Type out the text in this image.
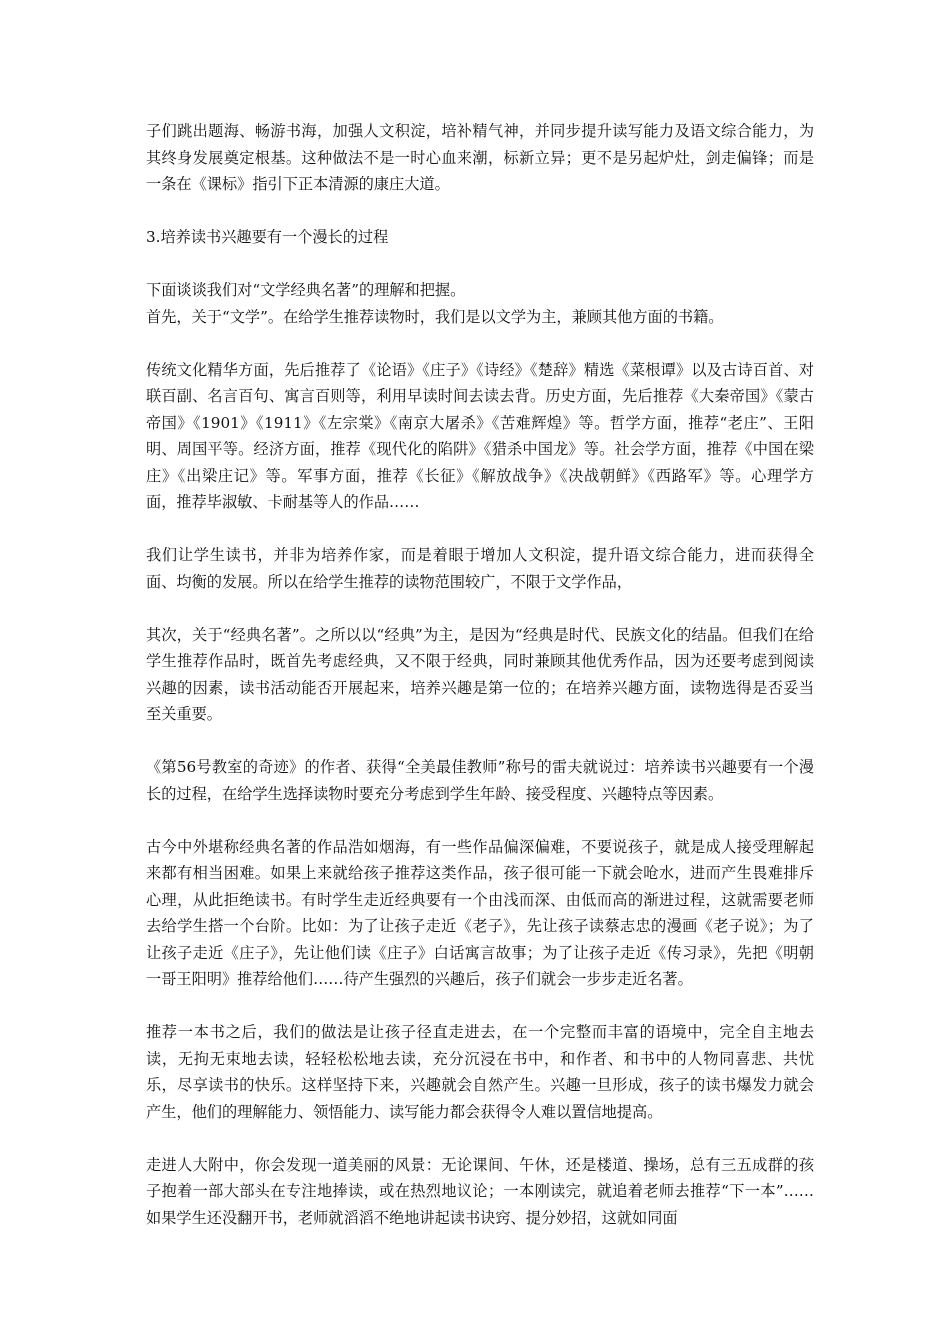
子们跳出题海、畅游书海，加强人文积淀，培补精气神，并同步提升读写能力及语文综合能力，为其终身发展奠定根基。这种做法不是一时心血来潮，标新立异；更不是另起炉灶，剑走偏锋；而是一条在《课标》指引下正本清源的康庄大道。

3.培养读书兴趣要有一个漫长的过程

下面谈谈我们对“文学经典名著”的理解和把握。

首先，关于“文学”。在给学生推荐读物时，我们是以文学为主，兼顾其他方面的书籍。

传统文化精华方面，先后推荐了《论语》《庄子》《诗经》《楚辞》精选《菜根谭》以及古诗百首、对联百副、名言百句、寓言百则等，利用早读时间去读去背。历史方面，先后推荐《大秦帝国》《蒙古帝国》《1901》《1911》《左宗棠》《南京大屠杀》《苦难辉煌》等。哲学方面，推荐“老庄”、王阳明、周国平等。经济方面，推荐《现代化的陷阱》《猎杀中国龙》等。社会学方面，推荐《中国在梁庄》《出梁庄记》等。军事方面，推荐《长征》《解放战争》《决战朝鲜》《西路军》等。心理学方面，推荐毕淑敏、卡耐基等人的作品……

我们让学生读书，并非为培养作家，而是着眼于增加人文积淀，提升语文综合能力，进而获得全面、均衡的发展。所以在给学生推荐的读物范围较广，不限于文学作品，

其次，关于“经典名著”。之所以以“经典”为主，是因为“经典是时代、民族文化的结晶。但我们在给学生推荐作品时，既首先考虑经典，又不限于经典，同时兼顾其他优秀作品，因为还要考虑到阅读兴趣的因素，读书活动能否开展起来，培养兴趣是第一位的；在培养兴趣方面，读物选得是否妥当至关重要。

《第56号教室的奇迹》的作者、获得“全美最佳教师”称号的雷夫就说过：培养读书兴趣要有一个漫长的过程，在给学生选择读物时要充分考虑到学生年龄、接受程度、兴趣特点等因素。

古今中外堪称经典名著的作品浩如烟海，有一些作品偏深偏难，不要说孩子，就是成人接受理解起来都有相当困难。如果上来就给孩子推荐这类作品，孩子很可能一下就会呛水，进而产生畏难排斥心理，从此拒绝读书。有时学生走近经典要有一个由浅而深、由低而高的渐进过程，这就需要老师去给学生搭一个台阶。比如：为了让孩子走近《老子》，先让孩子读蔡志忠的漫画《老子说》；为了让孩子走近《庄子》，先让他们读《庄子》白话寓言故事；为了让孩子走近《传习录》，先把《明朝一哥王阳明》推荐给他们……待产生强烈的兴趣后，孩子们就会一步步走近名著。

推荐一本书之后，我们的做法是让孩子径直走进去，在一个完整而丰富的语境中，完全自主地去读，无拘无束地去读，轻轻松松地去读，充分沉浸在书中，和作者、和书中的人物同喜悲、共忧乐，尽享读书的快乐。这样坚持下来，兴趣就会自然产生。兴趣一旦形成，孩子的读书爆发力就会产生，他们的理解能力、领悟能力、读写能力都会获得令人难以置信地提高。

走进人大附中，你会发现一道美丽的风景：无论课间、午休，还是楼道、操场，总有三五成群的孩子抱着一部大部头在专注地捧读，或在热烈地议论；一本刚读完，就追着老师去推荐“下一本”……如果学生还没翻开书，老师就滔滔不绝地讲起读书诀窍、提分妙招，这就如同面
